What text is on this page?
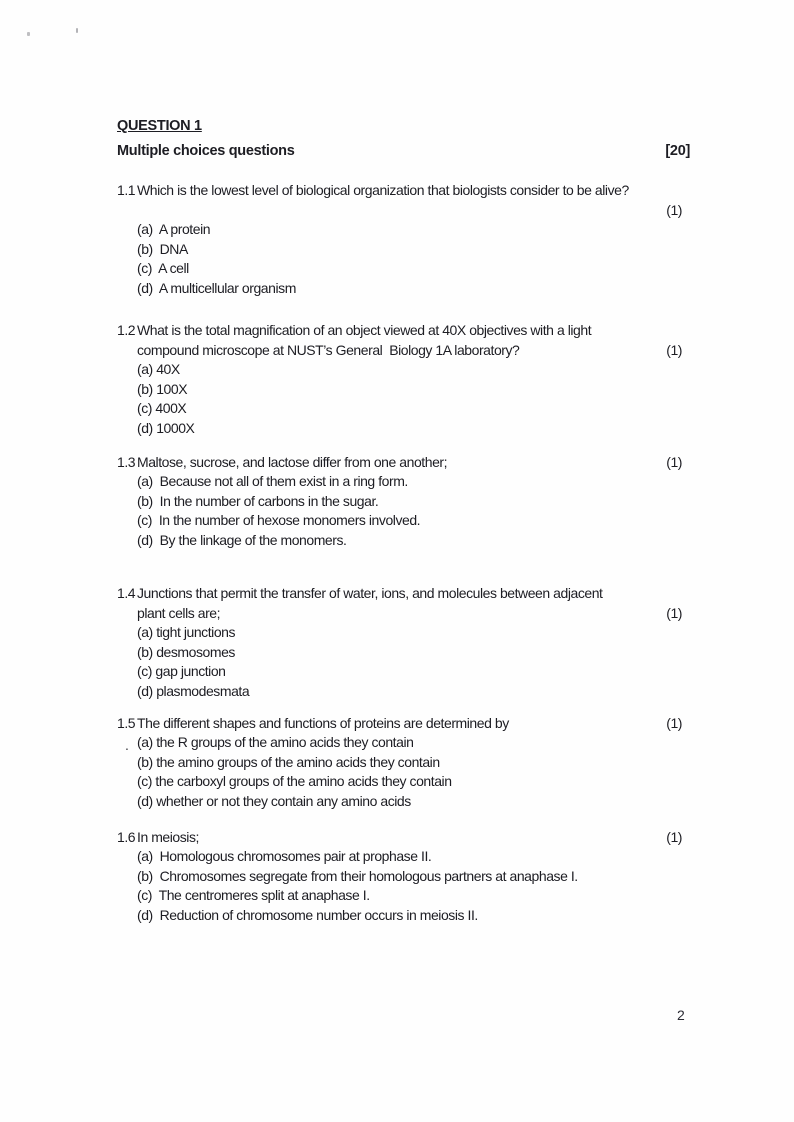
QUESTION 1
Multiple choices questions	[20]
1.1 Which is the lowest level of biological organization that biologists consider to be alive?
(1)
(a)  A protein
(b)  DNA
(c)  A cell
(d)  A multicellular organism
1.2 What is the total magnification of an object viewed at 40X objectives with a light
compound microscope at NUST’s General  Biology 1A laboratory?	(1)
(a) 40X
(b) 100X
(c) 400X
(d) 1000X
1.3 Maltose, sucrose, and lactose differ from one another;	(1)
(a)  Because not all of them exist in a ring form.
(b)  In the number of carbons in the sugar.
(c)  In the number of hexose monomers involved.
(d)  By the linkage of the monomers.
1.4 Junctions that permit the transfer of water, ions, and molecules between adjacent
plant cells are;	(1)
(a) tight junctions
(b) desmosomes
(c) gap junction
(d) plasmodesmata
1.5 The different shapes and functions of proteins are determined by	(1)
. (a) the R groups of the amino acids they contain
(b) the amino groups of the amino acids they contain
(c) the carboxyl groups of the amino acids they contain
(d) whether or not they contain any amino acids
1.6 In meiosis;	(1)
(a)  Homologous chromosomes pair at prophase II.
(b)  Chromosomes segregate from their homologous partners at anaphase I.
(c)  The centromeres split at anaphase I.
(d)  Reduction of chromosome number occurs in meiosis II.
2
